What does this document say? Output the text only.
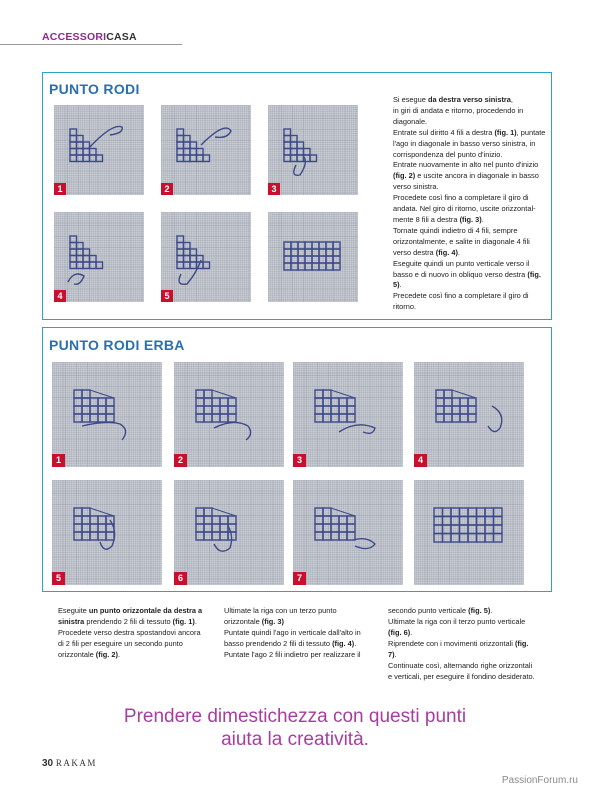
ACCESSORICASA
PUNTO RODI
1	2	3
4	5

Si esegue da destra verso sinistra,

in giri di andata e ritorno, procedendo in diagonale.

Entrate sul diritto 4 fili a destra (fig. 1), puntate l'ago in diagonale in basso verso sinistra, in corrispondenza del punto d'inizio.

Entrate nuovamente in alto nel punto d'inizio (fig. 2) e uscite ancora in diagonale in basso verso sinistra.

Procedete così fino a completare il giro di andata. Nel giro di ritorno, uscite orizzontal-mente 8 fili a destra (fig. 3).

Tornate quindi indietro di 4 fili, sempre orizzontalmente, e salite in diagonale 4 fili verso destra (fig. 4).

Eseguite quindi un punto verticale verso il basso e di nuovo in obliquo verso destra (fig. 5).

Precedete così fino a completare il giro di ritorno.

PUNTO RODI ERBA
1	2	3	4
5	6	7

Eseguite un punto orizzontale da destra a sinistra prendendo 2 fili di tessuto (fig. 1).

Procedete verso destra spostandovi ancora di 2 fili per eseguire un secondo punto orizzontale (fig. 2).

Ultimate la riga con un terzo punto orizzontale (fig. 3)

Puntate quindi l'ago in verticale dall'alto in basso prendendo 2 fili di tessuto (fig. 4).

Puntate l'ago 2 fili indietro per realizzare il

secondo punto verticale (fig. 5).

Ultimate la riga con il terzo punto verticale (fig. 6).

Riprendete con i movimenti orizzontali (fig. 7).

Continuate così, alternando righe orizzontali e verticali, per eseguire il fondino desiderato.

Prendere dimestichezza con questi punti
aiuta la creatività.
30 RAKAM
PassionForum.ru
